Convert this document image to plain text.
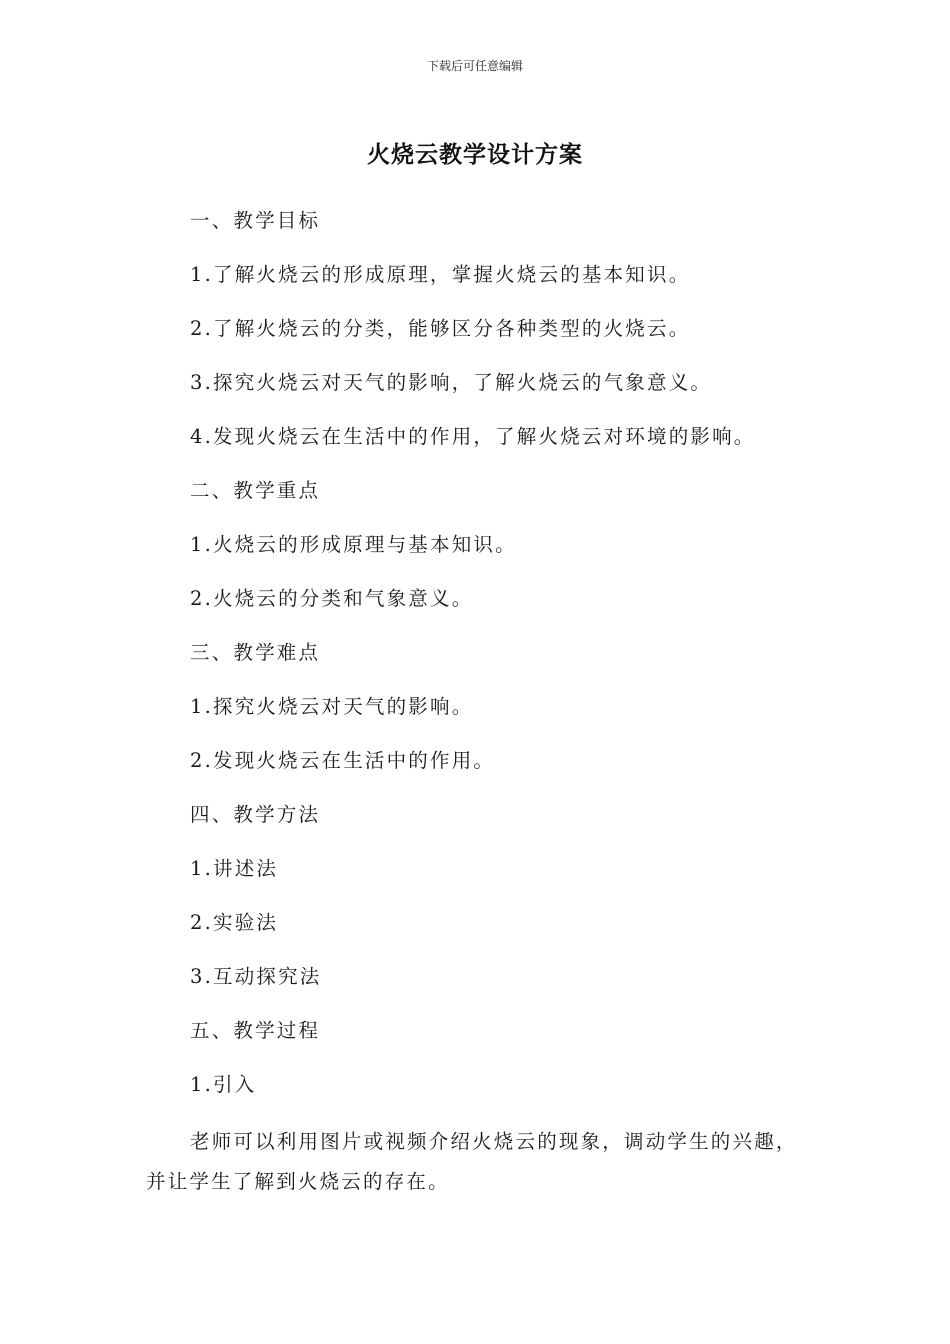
下载后可任意编辑
火烧云教学设计方案
一、教学目标
1.了解火烧云的形成原理，掌握火烧云的基本知识。
2.了解火烧云的分类，能够区分各种类型的火烧云。
3.探究火烧云对天气的影响，了解火烧云的气象意义。
4.发现火烧云在生活中的作用，了解火烧云对环境的影响。
二、教学重点
1.火烧云的形成原理与基本知识。
2.火烧云的分类和气象意义。
三、教学难点
1.探究火烧云对天气的影响。
2.发现火烧云在生活中的作用。
四、教学方法
1.讲述法
2.实验法
3.互动探究法
五、教学过程
1.引入
老师可以利用图片或视频介绍火烧云的现象，调动学生的兴趣，并让学生了解到火烧云的存在。
